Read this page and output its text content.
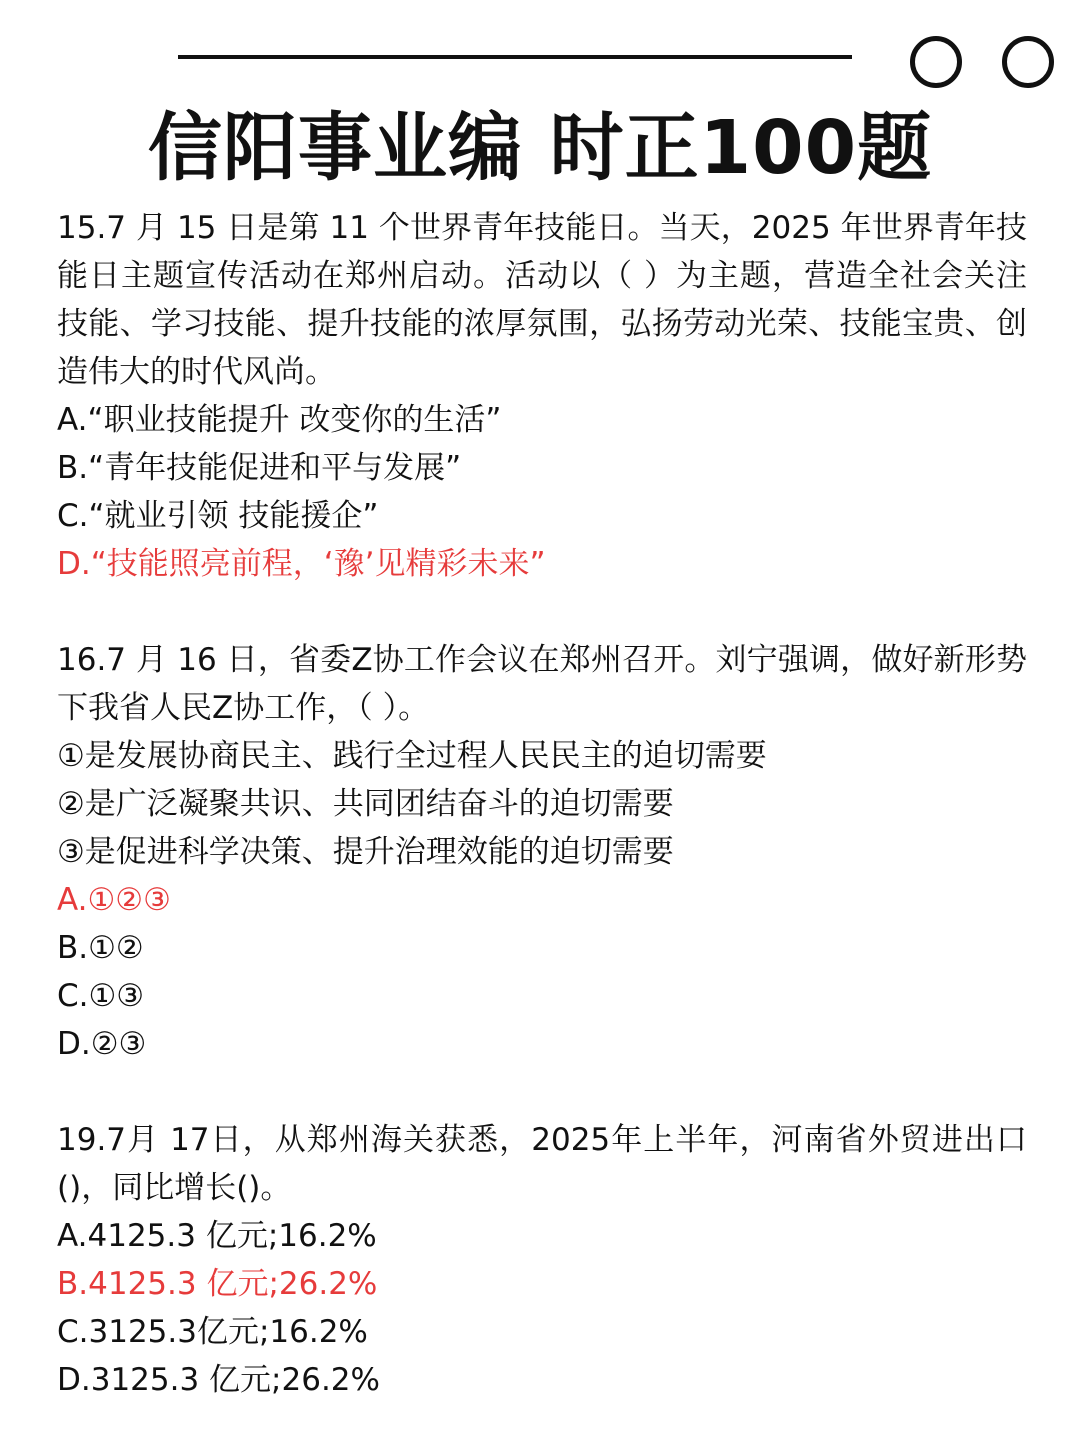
信阳事业编 时正100题

15.7 月 15 日是第 11 个世界青年技能日。当天，2025 年世界青年技能日主题宣传活动在郑州启动。活动以（ ）为主题，营造全社会关注技能、学习技能、提升技能的浓厚氛围，弘扬劳动光荣、技能宝贵、创造伟大的时代风尚。

A.“职业技能提升 改变你的生活”

B.“青年技能促进和平与发展”

C.“就业引领 技能援企”

D.“技能照亮前程，‘豫’见精彩未来”

16.7 月 16 日，省委Z协工作会议在郑州召开。刘宁强调，做好新形势下我省人民Z协工作，（ ）。

①是发展协商民主、践行全过程人民民主的迫切需要

②是广泛凝聚共识、共同团结奋斗的迫切需要

③是促进科学决策、提升治理效能的迫切需要

A.①②③

B.①②

C.①③

D.②③

19.7月 17日，从郑州海关获悉，2025年上半年，河南省外贸进出口()，同比增长()。

A.4125.3 亿元;16.2%

B.4125.3 亿元;26.2%

C.3125.3亿元;16.2%

D.3125.3 亿元;26.2%
